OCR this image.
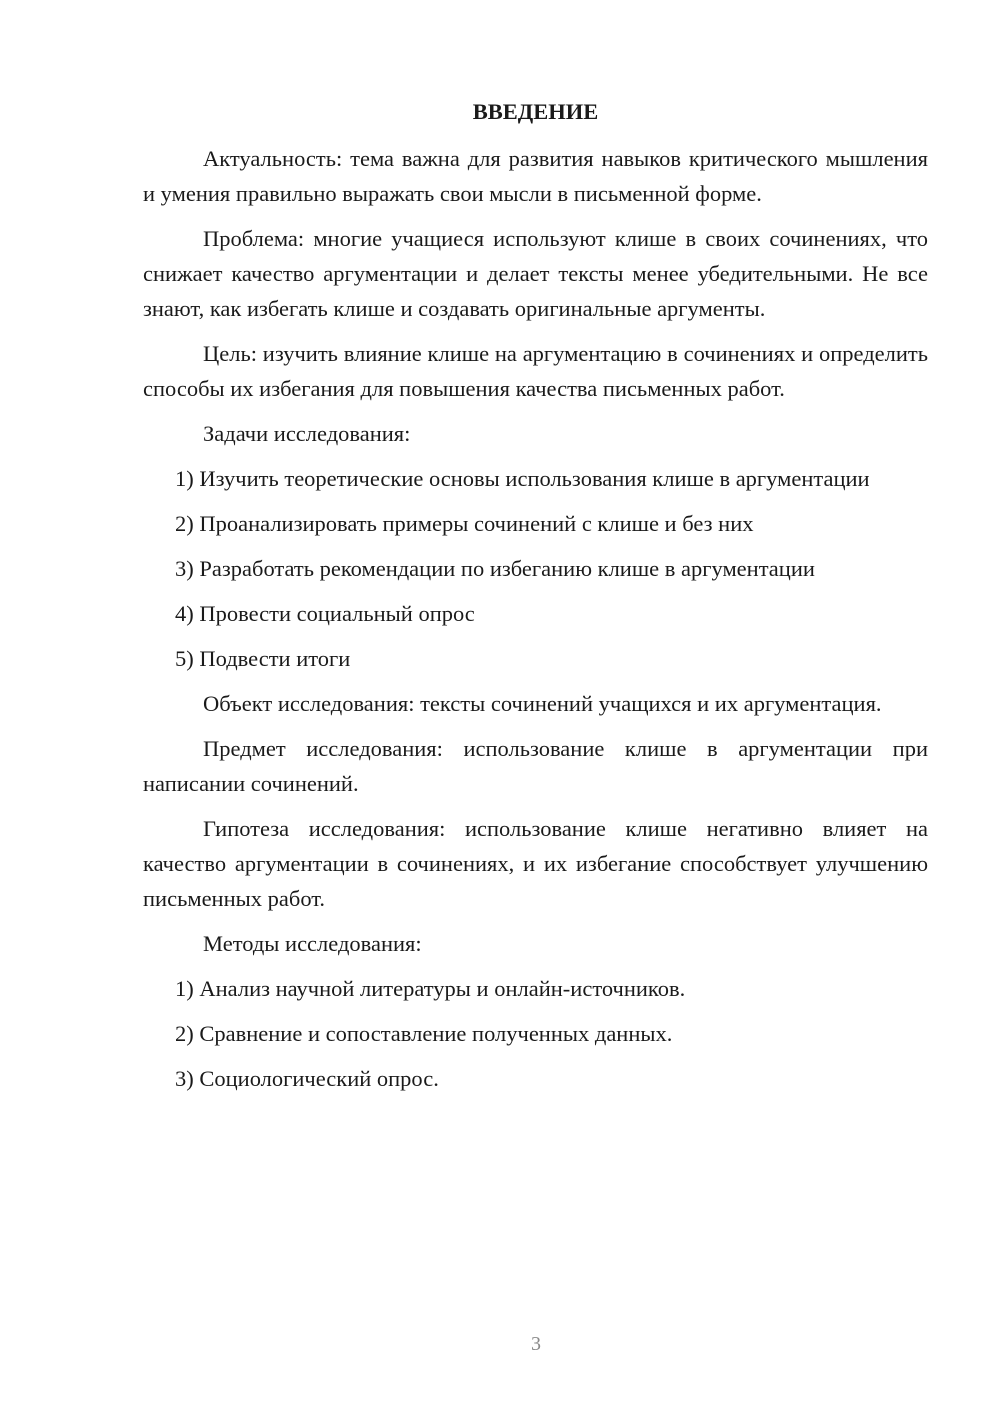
ВВЕДЕНИЕ

Актуальность: тема важна для развития навыков критического мышления и умения правильно выражать свои мысли в письменной форме.

Проблема: многие учащиеся используют клише в своих сочинениях, что снижает качество аргументации и делает тексты менее убедительными. Не все знают, как избегать клише и создавать оригинальные аргументы.

Цель: изучить влияние клише на аргументацию в сочинениях и определить способы их избегания для повышения качества письменных работ.

Задачи исследования:

1) Изучить теоретические основы использования клише в аргументации

2) Проанализировать примеры сочинений с клише и без них

3) Разработать рекомендации по избеганию клише в аргументации

4) Провести социальный опрос

5) Подвести итоги

Объект исследования: тексты сочинений учащихся и их аргументация.

Предмет исследования: использование клише в аргументации при написании сочинений.

Гипотеза исследования: использование клише негативно влияет на качество аргументации в сочинениях, и их избегание способствует улучшению письменных работ.

Методы исследования:

1) Анализ научной литературы и онлайн-источников.

2) Сравнение и сопоставление полученных данных.

3) Социологический опрос.

3
